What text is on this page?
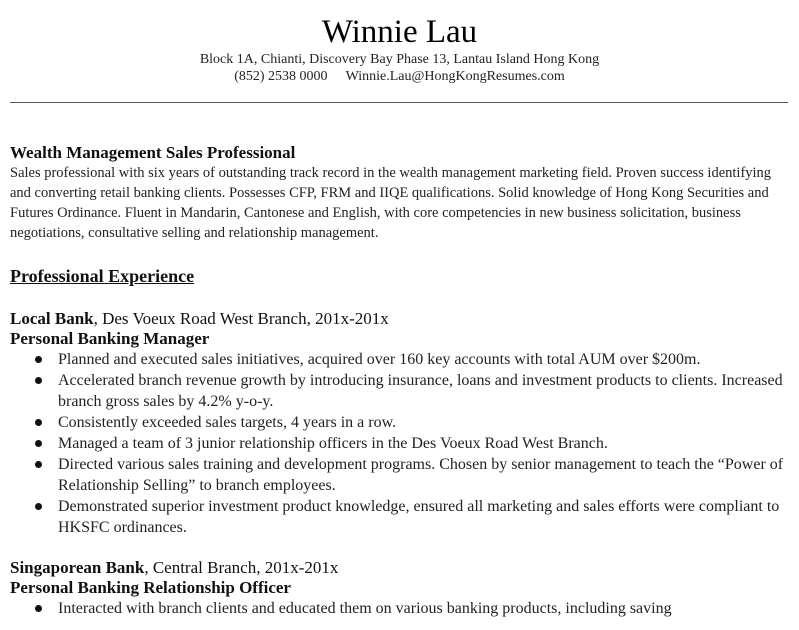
Winnie Lau
Block 1A, Chianti, Discovery Bay Phase 13, Lantau Island Hong Kong
(852) 2538 0000 Winnie.Lau@HongKongResumes.com

Wealth Management Sales Professional

Sales professional with six years of outstanding track record in the wealth management marketing field. Proven success identifying and converting retail banking clients. Possesses CFP, FRM and IIQE qualifications. Solid knowledge of Hong Kong Securities and Futures Ordinance. Fluent in Mandarin, Cantonese and English, with core competencies in new business solicitation, business negotiations, consultative selling and relationship management.

Professional Experience

Local Bank, Des Voeux Road West Branch, 201x-201x

Personal Banking Manager

Planned and executed sales initiatives, acquired over 160 key accounts with total AUM over $200m.
Accelerated branch revenue growth by introducing insurance, loans and investment products to clients. Increased branch gross sales by 4.2% y-o-y.
Consistently exceeded sales targets, 4 years in a row.
Managed a team of 3 junior relationship officers in the Des Voeux Road West Branch.
Directed various sales training and development programs. Chosen by senior management to teach the “Power of Relationship Selling” to branch employees.
Demonstrated superior investment product knowledge, ensured all marketing and sales efforts were compliant to HKSFC ordinances.

Singaporean Bank, Central Branch, 201x-201x

Personal Banking Relationship Officer

Interacted with branch clients and educated them on various banking products, including saving
